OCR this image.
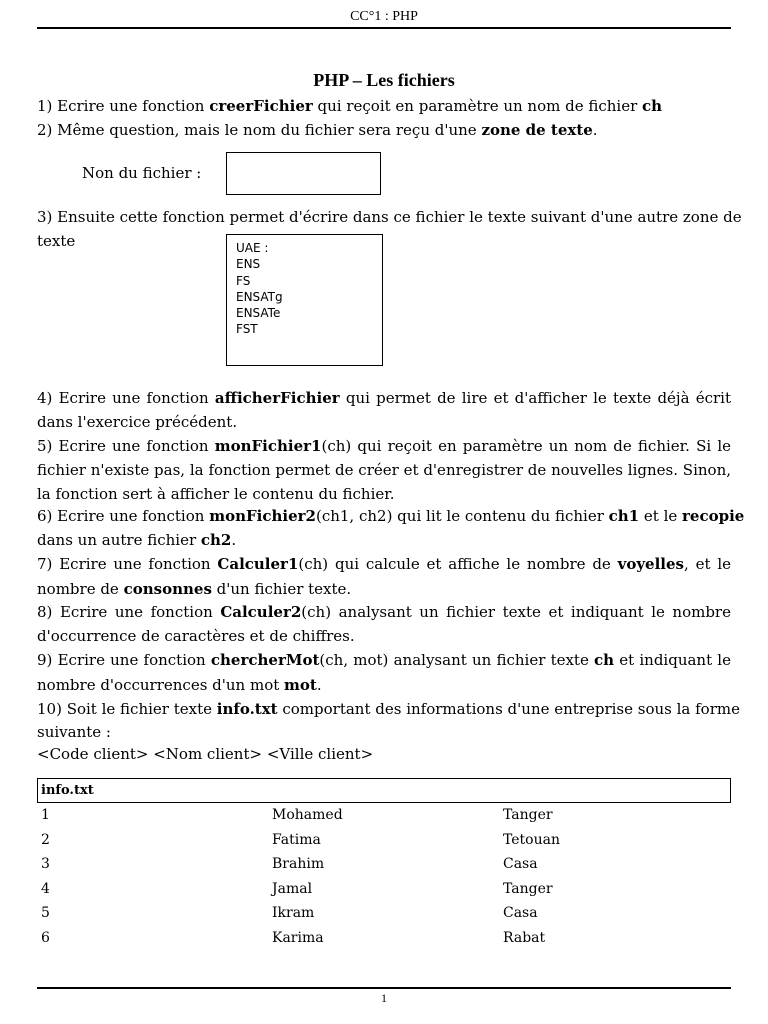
CC°1 : PHP
PHP – Les fichiers
1) Ecrire une fonction creerFichier qui reçoit en paramètre un nom de fichier ch
2) Même question, mais le nom du fichier sera reçu d'une zone de texte.
Non du fichier :
3) Ensuite cette fonction permet d'écrire dans ce fichier le texte suivant d'une autre zone de
texte	UAE :
ENS
FS
ENSATg
ENSATe
FST
4) Ecrire une fonction afficherFichier qui permet de lire et d'afficher le texte déjà écrit
dans l'exercice précédent.
5) Ecrire une fonction monFichier1(ch) qui reçoit en paramètre un nom de fichier. Si le
fichier n'existe pas, la fonction permet de créer et d'enregistrer de nouvelles lignes. Sinon,
la fonction sert à afficher le contenu du fichier.
6) Ecrire une fonction monFichier2(ch1, ch2) qui lit le contenu du fichier ch1 et le recopie
dans un autre fichier ch2.
7) Ecrire une fonction Calculer1(ch) qui calcule et affiche le nombre de voyelles, et le
nombre de consonnes d'un fichier texte.
8) Ecrire une fonction Calculer2(ch) analysant un fichier texte et indiquant le nombre
d'occurrence de caractères et de chiffres.
9) Ecrire une fonction chercherMot(ch, mot) analysant un fichier texte ch et indiquant le
nombre d'occurrences d'un mot mot.
10) Soit le fichier texte info.txt comportant des informations d'une entreprise sous la forme
suivante :
<Code client> <Nom client> <Ville client>
info.txt
1	Mohamed	Tanger
2	Fatima	Tetouan
3	Brahim	Casa
4	Jamal	Tanger
5	Ikram	Casa
6	Karima	Rabat
1
